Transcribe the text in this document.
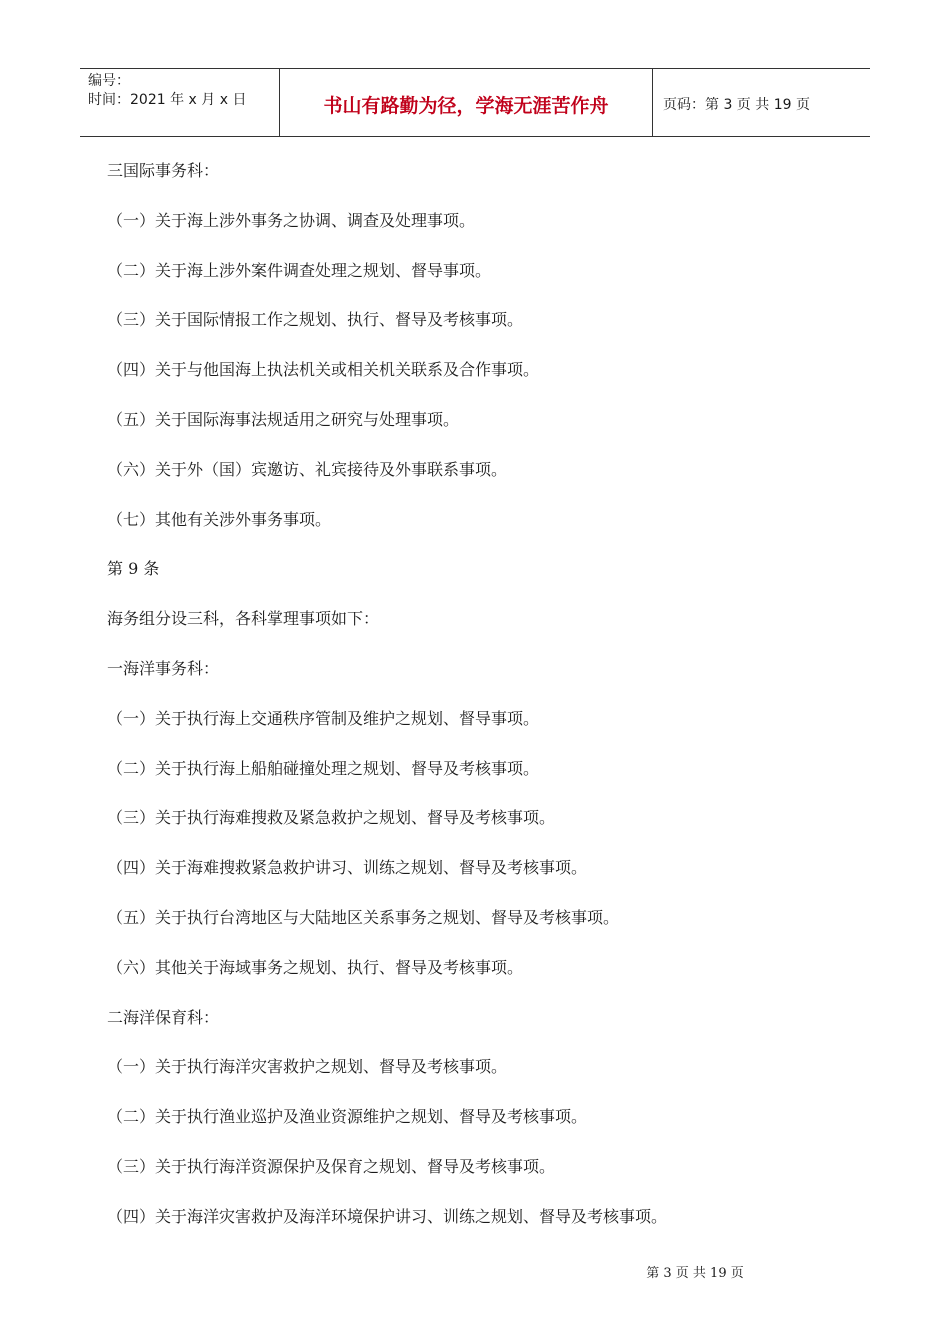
编号：
时间：2021 年 x 月 x 日	书山有路勤为径，学海无涯苦作舟	页码：第 3 页 共 19 页
三国际事务科：
（一）关于海上涉外事务之协调、调查及处理事项。
（二）关于海上涉外案件调查处理之规划、督导事项。
（三）关于国际情报工作之规划、执行、督导及考核事项。
（四）关于与他国海上执法机关或相关机关联系及合作事项。
（五）关于国际海事法规适用之研究与处理事项。
（六）关于外（国）宾邀访、礼宾接待及外事联系事项。
（七）其他有关涉外事务事项。
第 9 条
海务组分设三科，各科掌理事项如下：
一海洋事务科：
（一）关于执行海上交通秩序管制及维护之规划、督导事项。
（二）关于执行海上船舶碰撞处理之规划、督导及考核事项。
（三）关于执行海难搜救及紧急救护之规划、督导及考核事项。
（四）关于海难搜救紧急救护讲习、训练之规划、督导及考核事项。
（五）关于执行台湾地区与大陆地区关系事务之规划、督导及考核事项。
（六）其他关于海域事务之规划、执行、督导及考核事项。
二海洋保育科：
（一）关于执行海洋灾害救护之规划、督导及考核事项。
（二）关于执行渔业巡护及渔业资源维护之规划、督导及考核事项。
（三）关于执行海洋资源保护及保育之规划、督导及考核事项。
（四）关于海洋灾害救护及海洋环境保护讲习、训练之规划、督导及考核事项。
第 3 页 共 19 页
